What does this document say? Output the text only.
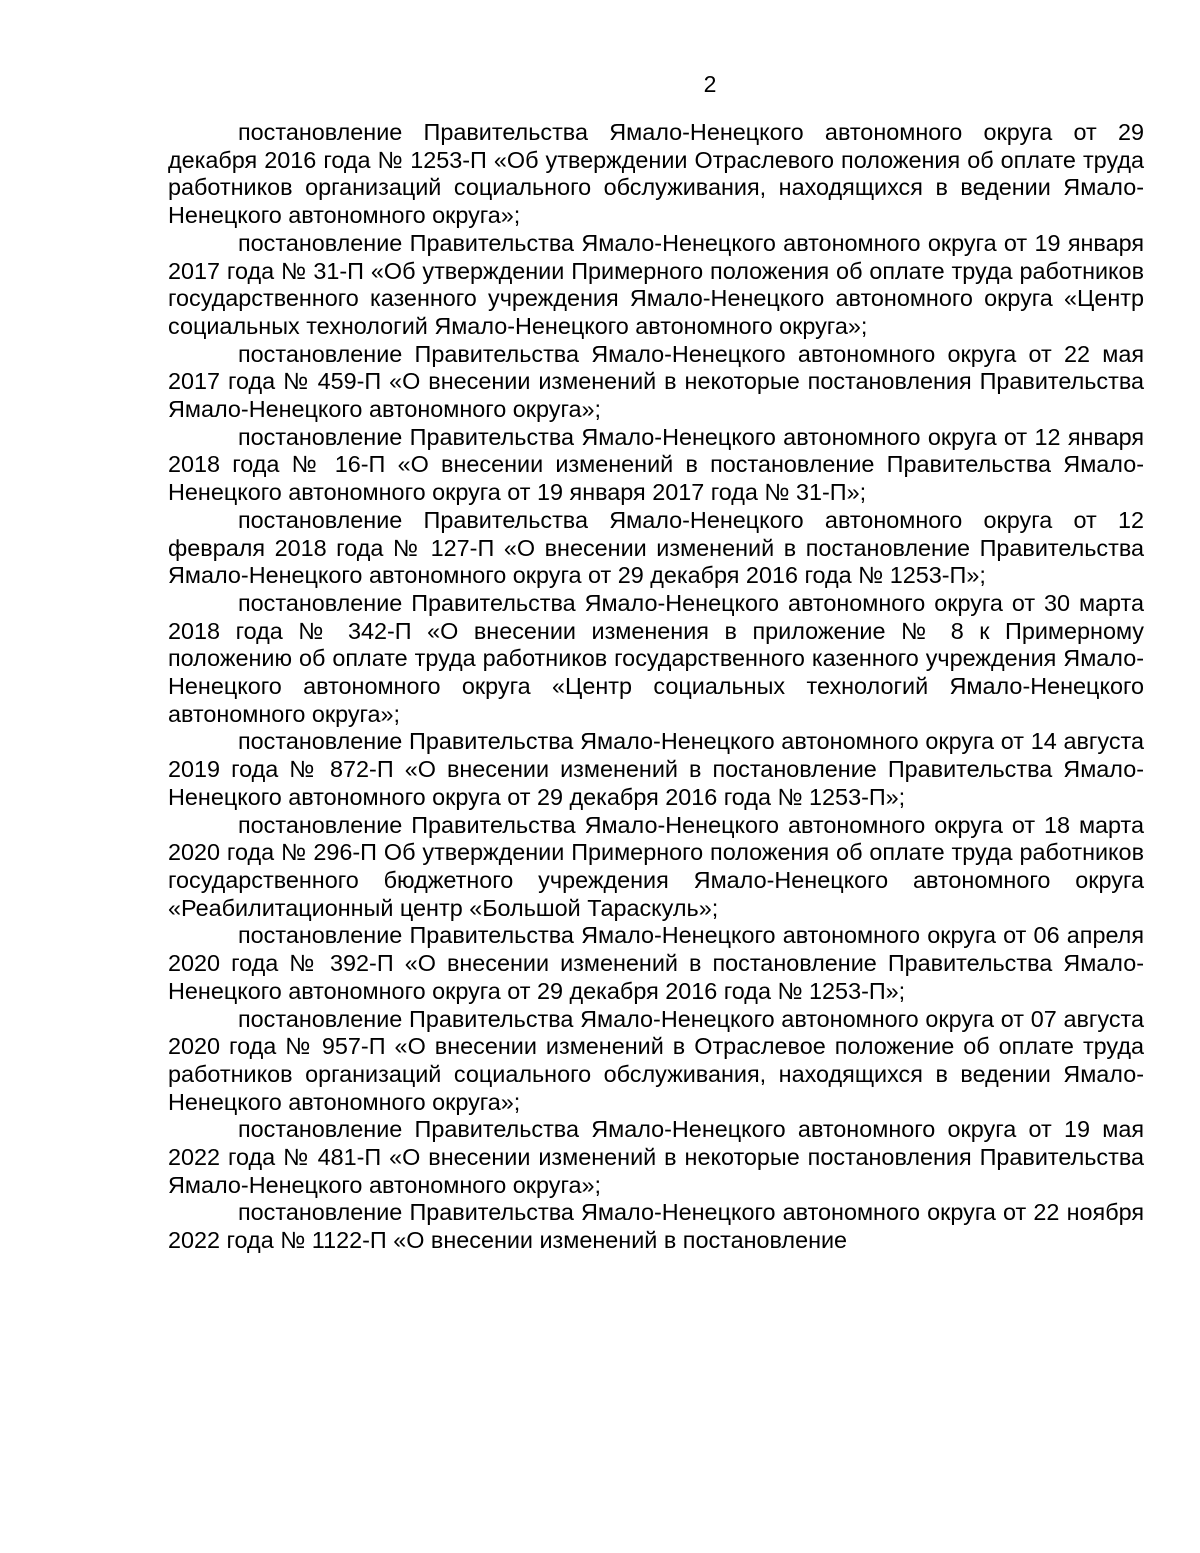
2

постановление Правительства Ямало-Ненецкого автономного округа от 29 декабря 2016 года № 1253-П «Об утверждении Отраслевого положения об оплате труда работников организаций социального обслуживания, находящихся в ведении Ямало-Ненецкого автономного округа»;

постановление Правительства Ямало-Ненецкого автономного округа от 19 января 2017 года № 31-П «Об утверждении Примерного положения об оплате труда работников государственного казенного учреждения Ямало-Ненецкого автономного округа «Центр социальных технологий Ямало-Ненецкого автономного округа»;

постановление Правительства Ямало-Ненецкого автономного округа от 22 мая 2017 года № 459-П «О внесении изменений в некоторые постановления Правительства Ямало-Ненецкого автономного округа»;

постановление Правительства Ямало-Ненецкого автономного округа от 12 января 2018 года № 16-П «О внесении изменений в постановление Правительства Ямало-Ненецкого автономного округа от 19 января 2017 года № 31-П»;

постановление Правительства Ямало-Ненецкого автономного округа от 12 февраля 2018 года № 127-П «О внесении изменений в постановление Правительства Ямало-Ненецкого автономного округа от 29 декабря 2016 года № 1253-П»;

постановление Правительства Ямало-Ненецкого автономного округа от 30 марта 2018 года № 342-П «О внесении изменения в приложение № 8 к Примерному положению об оплате труда работников государственного казенного учреждения Ямало-Ненецкого автономного округа «Центр социальных технологий Ямало-Ненецкого автономного округа»;

постановление Правительства Ямало-Ненецкого автономного округа от 14 августа 2019 года № 872-П «О внесении изменений в постановление Правительства Ямало-Ненецкого автономного округа от 29 декабря 2016 года № 1253-П»;

постановление Правительства Ямало-Ненецкого автономного округа от 18 марта 2020 года № 296-П Об утверждении Примерного положения об оплате труда работников государственного бюджетного учреждения Ямало-Ненецкого автономного округа «Реабилитационный центр «Большой Тараскуль»;

постановление Правительства Ямало-Ненецкого автономного округа от 06 апреля 2020 года № 392-П «О внесении изменений в постановление Правительства Ямало-Ненецкого автономного округа от 29 декабря 2016 года № 1253-П»;

постановление Правительства Ямало-Ненецкого автономного округа от 07 августа 2020 года № 957-П «О внесении изменений в Отраслевое положение об оплате труда работников организаций социального обслуживания, находящихся в ведении Ямало-Ненецкого автономного округа»;

постановление Правительства Ямало-Ненецкого автономного округа от 19 мая 2022 года № 481-П «О внесении изменений в некоторые постановления Правительства Ямало-Ненецкого автономного округа»;

постановление Правительства Ямало-Ненецкого автономного округа от 22 ноября 2022 года № 1122-П «О внесении изменений в постановление
